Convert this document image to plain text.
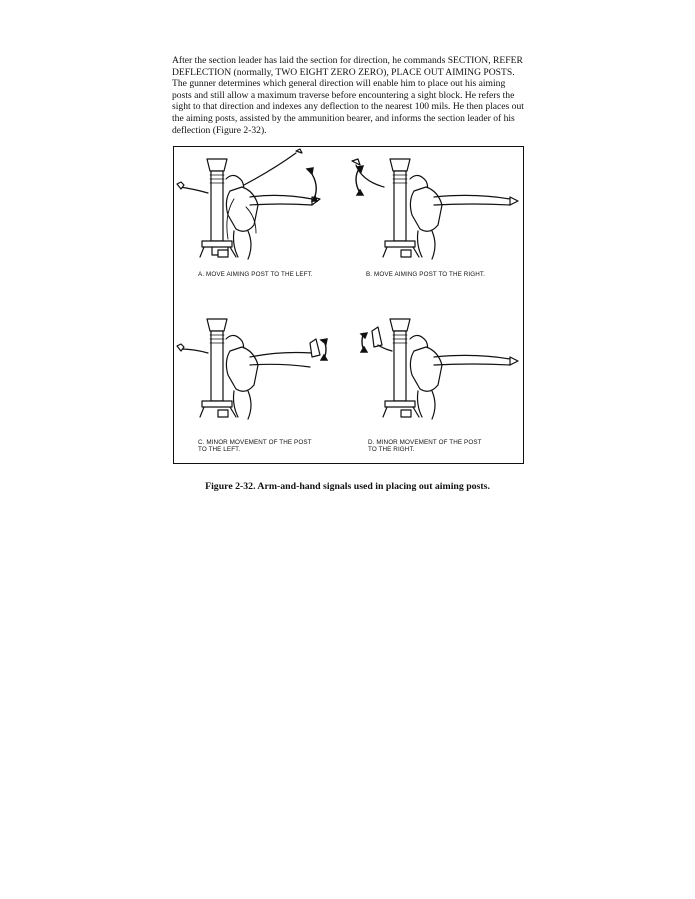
After the section leader has laid the section for direction, he commands SECTION, REFER DEFLECTION (normally, TWO EIGHT ZERO ZERO), PLACE OUT AIMING POSTS. The gunner determines which general direction will enable him to place out his aiming posts and still allow a maximum traverse before encountering a sight block. He refers the sight to that direction and indexes any deflection to the nearest 100 mils. He then places out the aiming posts, assisted by the ammunition bearer, and informs the section leader of his deflection (Figure 2-32).

A. MOVE AIMING POST TO THE LEFT.	B. MOVE AIMING POST TO THE RIGHT.
C. MINOR MOVEMENT OF THE POST
TO THE LEFT.
D. MINOR MOVEMENT OF THE POST
TO THE RIGHT.
Figure 2-32. Arm-and-hand signals used in placing out aiming posts.
